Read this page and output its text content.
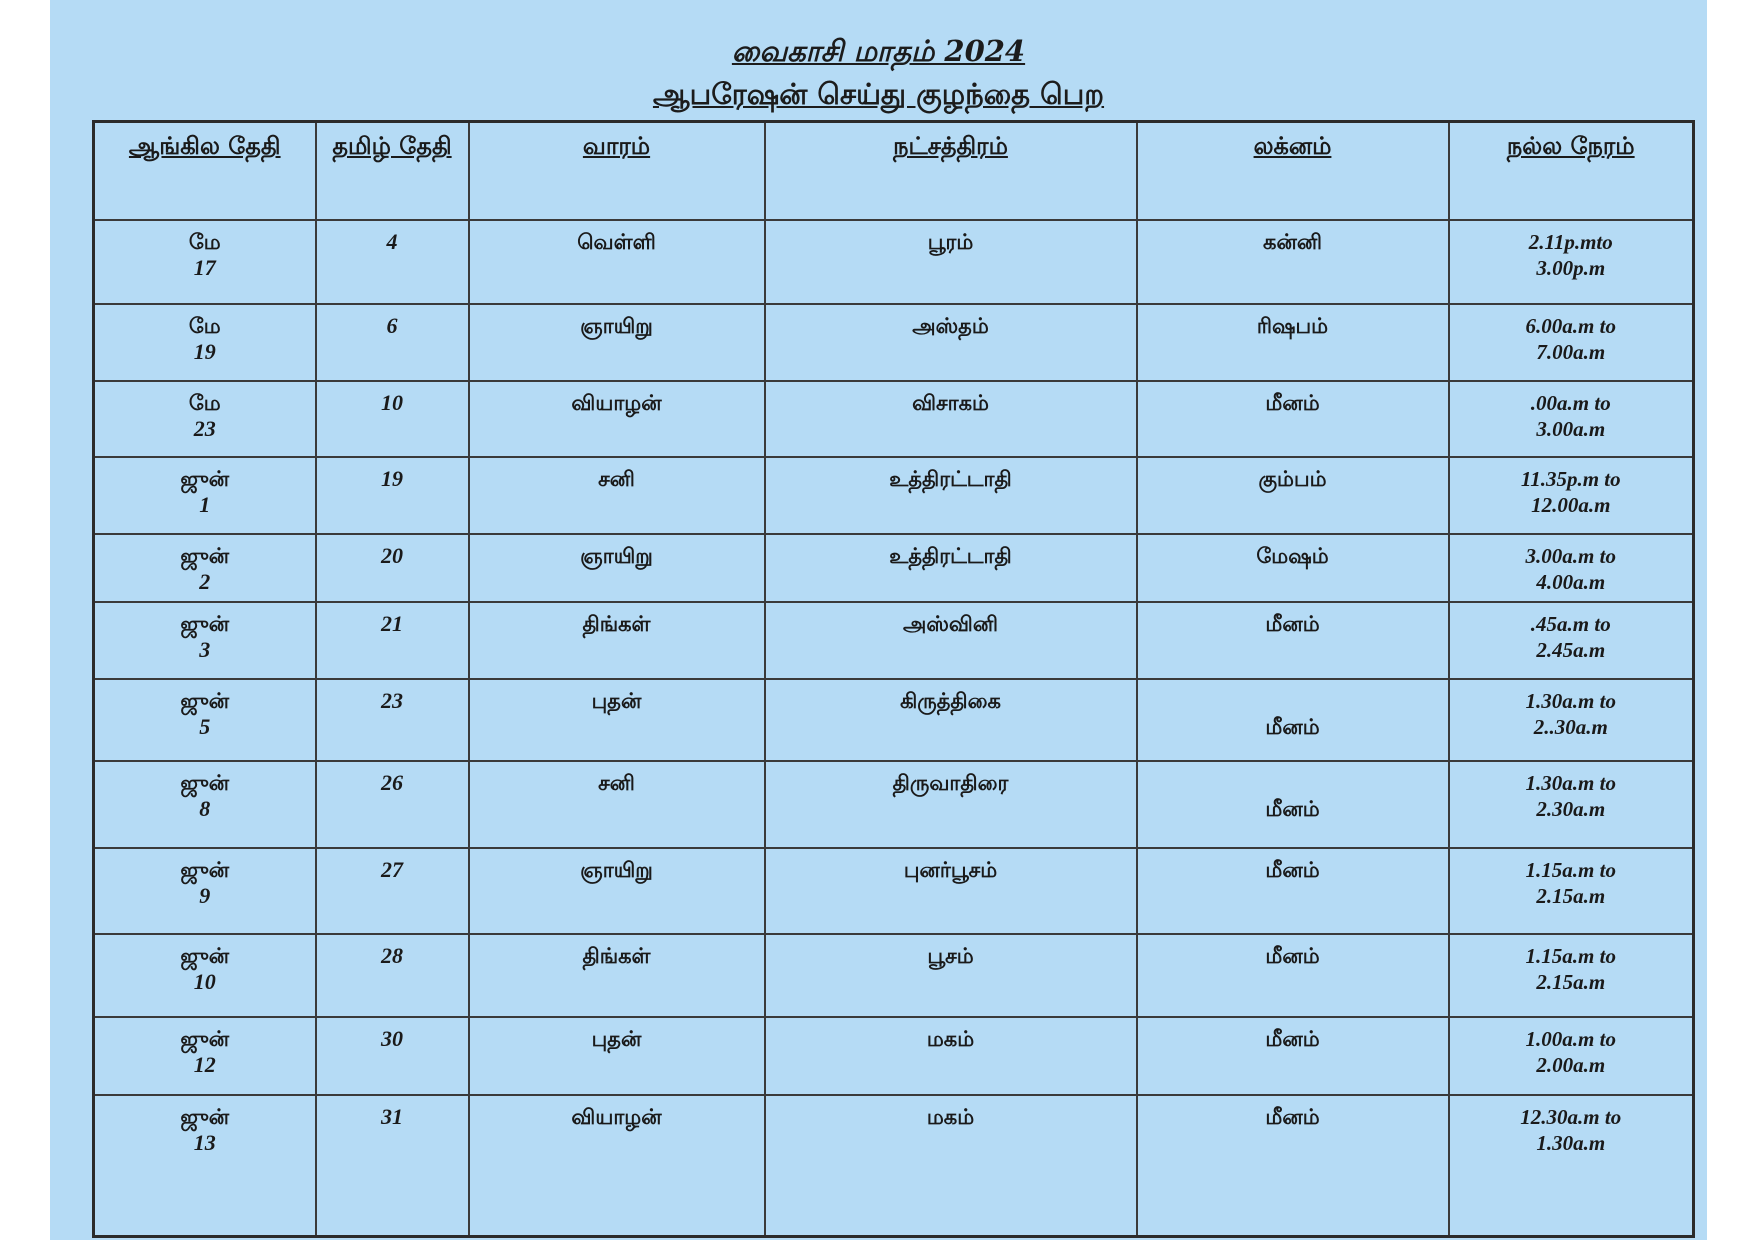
வைகாசி மாதம் 2024
ஆபரேஷன் செய்து குழந்தை பெற
ஆங்கில தேதி	தமிழ் தேதி	வாரம்	நட்சத்திரம்	லக்னம்	நல்ல நேரம்

மே
17	4	வெள்ளி	பூரம்	கன்னி	2.11p.mto
3.00p.m

மே
19	6	ஞாயிறு	அஸ்தம்	ரிஷபம்	6.00a.m to
7.00a.m

மே
23	10	வியாழன்	விசாகம்	மீனம்	.00a.m to
3.00a.m

ஜுன்
1	19	சனி	உத்திரட்டாதி	கும்பம்	11.35p.m to
12.00a.m

ஜுன்
2	20	ஞாயிறு	உத்திரட்டாதி	மேஷம்	3.00a.m to
4.00a.m

ஜுன்
3	21	திங்கள்	அஸ்வினி	மீனம்	.45a.m to
2.45a.m

ஜுன்
5	23	புதன்	கிருத்திகை	மீனம்	1.30a.m to
2..30a.m

ஜுன்
8	26	சனி	திருவாதிரை	மீனம்	1.30a.m to
2.30a.m

ஜுன்
9	27	ஞாயிறு	புனர்பூசம்	மீனம்	1.15a.m to
2.15a.m

ஜுன்
10	28	திங்கள்	பூசம்	மீனம்	1.15a.m to
2.15a.m

ஜுன்
12	30	புதன்	மகம்	மீனம்	1.00a.m to
2.00a.m

ஜுன்
13	31	வியாழன்	மகம்	மீனம்	12.30a.m to
1.30a.m
